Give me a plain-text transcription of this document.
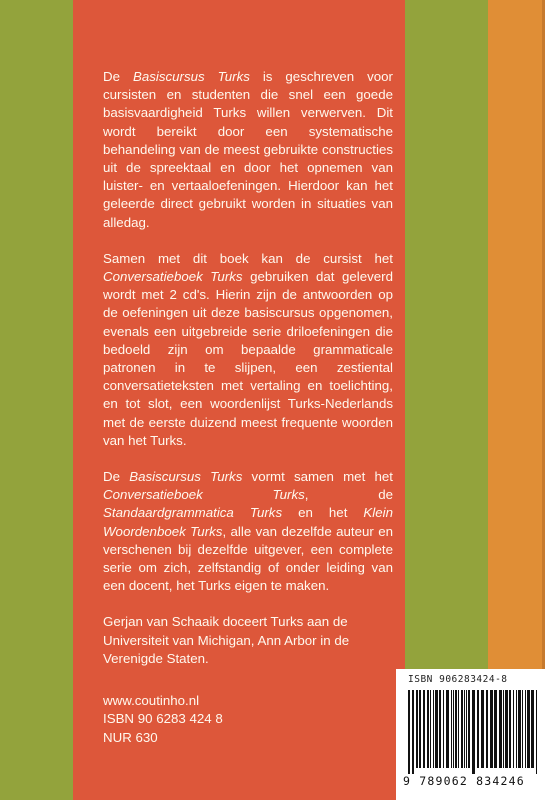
De Basiscursus Turks is geschreven voor cursisten en studenten die snel een goede basisvaardigheid Turks willen verwerven. Dit wordt bereikt door een systematische behandeling van de meest gebruikte constructies uit de spreektaal en door het opnemen van luister- en vertaaloefeningen. Hierdoor kan het geleerde direct gebruikt worden in situaties van alledag.

Samen met dit boek kan de cursist het Conversatieboek Turks gebruiken dat geleverd wordt met 2 cd's. Hierin zijn de antwoorden op de oefeningen uit deze basiscursus opgenomen, evenals een uitgebreide serie driloefeningen die bedoeld zijn om bepaalde grammaticale patronen in te slijpen, een zestiental conversatieteksten met vertaling en toelichting, en tot slot, een woordenlijst Turks-Nederlands met de eerste duizend meest frequente woorden van het Turks.

De Basiscursus Turks vormt samen met het Conversatieboek Turks, de Standaardgrammatica Turks en het Klein Woordenboek Turks, alle van dezelfde auteur en verschenen bij dezelfde uitgever, een complete serie om zich, zelfstandig of onder leiding van een docent, het Turks eigen te maken.

Gerjan van Schaaik doceert Turks aan de Universiteit van Michigan, Ann Arbor in de Verenigde Staten.

www.coutinho.nl

ISBN 90 6283 424 8

NUR 630

ISBN 906283424-8
9 789062 834246
